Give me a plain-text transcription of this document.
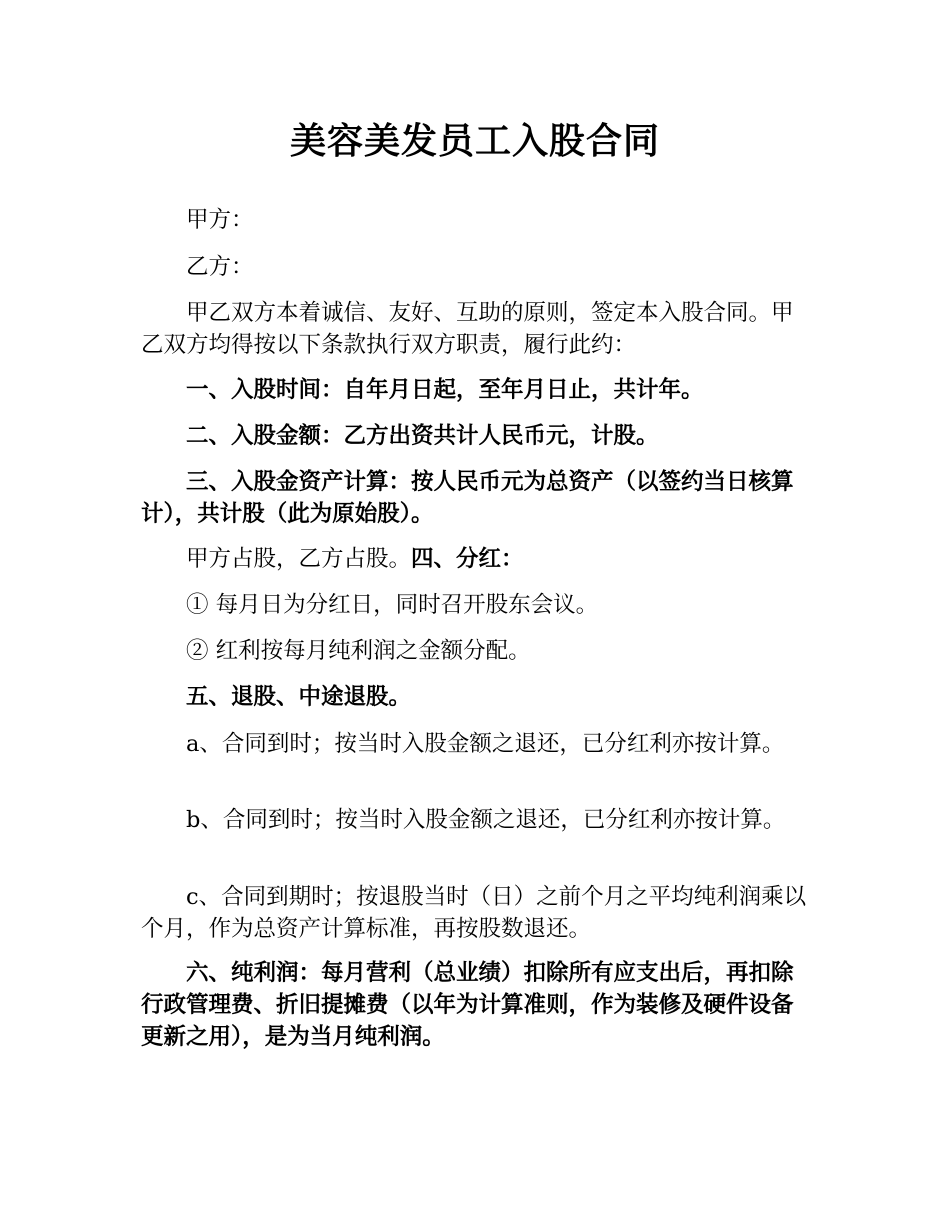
美容美发员工入股合同

甲方：

乙方：

甲乙双方本着诚信、友好、互助的原则，签定本入股合同。甲乙双方均得按以下条款执行双方职责，履行此约：

一、入股时间：自年月日起，至年月日止，共计年。

二、入股金额：乙方出资共计人民币元，计股。

三、入股金资产计算：按人民币元为总资产（以签约当日核算计），共计股（此为原始股）。

甲方占股，乙方占股。四、分红：

① 每月日为分红日，同时召开股东会议。

② 红利按每月纯利润之金额分配。

五、退股、中途退股。

a、合同到时；按当时入股金额之退还，已分红利亦按计算。

b、合同到时；按当时入股金额之退还，已分红利亦按计算。

c、合同到期时；按退股当时（日）之前个月之平均纯利润乘以个月，作为总资产计算标准，再按股数退还。

六、纯利润：每月营利（总业绩）扣除所有应支出后，再扣除行政管理费、折旧提摊费（以年为计算准则，作为装修及硬件设备更新之用），是为当月纯利润。
